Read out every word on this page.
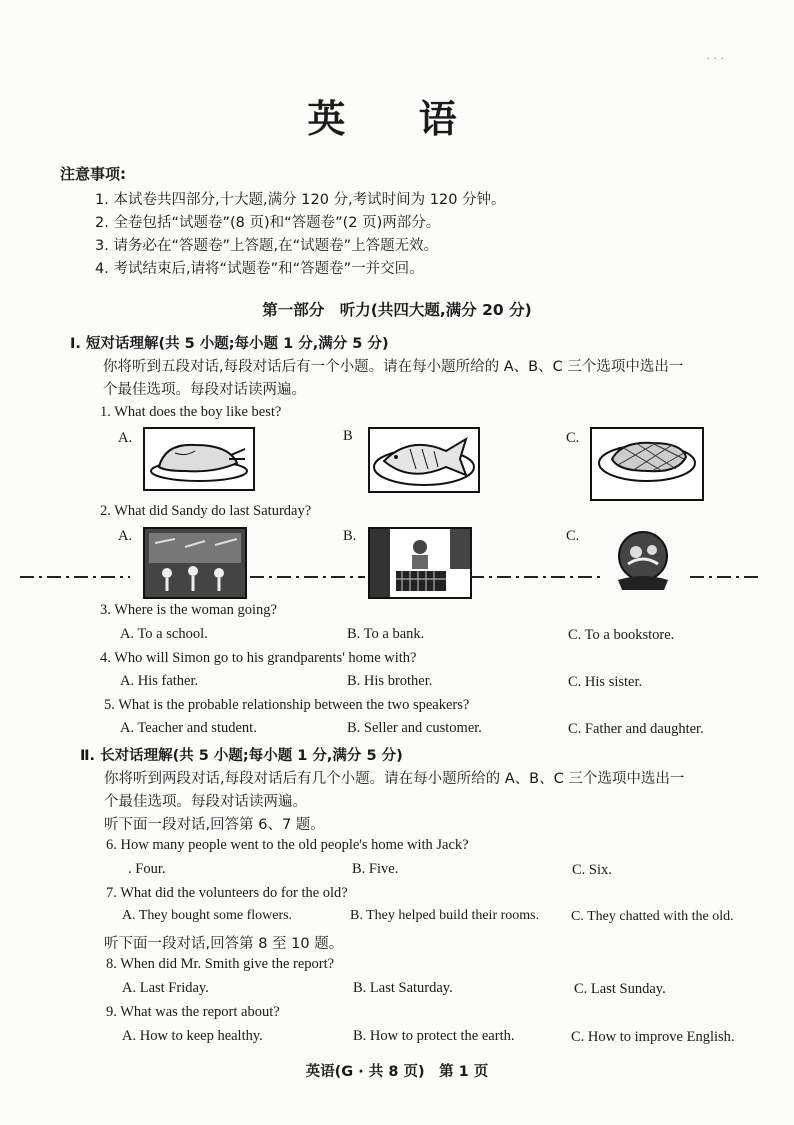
· · ·
英 语
注意事项:
1. 本试卷共四部分,十大题,满分 120 分,考试时间为 120 分钟。
2. 全卷包括“试题卷”(8 页)和“答题卷”(2 页)两部分。
3. 请务必在“答题卷”上答题,在“试题卷”上答题无效。
4. 考试结束后,请将“试题卷”和“答题卷”一并交回。
第一部分　听力(共四大题,满分 20 分)
Ⅰ. 短对话理解(共 5 小题;每小题 1 分,满分 5 分)
你将听到五段对话,每段对话后有一个小题。请在每小题所给的 A、B、C 三个选项中选出一
个最佳选项。每段对话读两遍。
1. What does the boy like best?
A.	B	C.
2. What did Sandy do last Saturday?
A.	B.	C.
3. Where is the woman going?
A. To a school.	B. To a bank.	C. To a bookstore.
4. Who will Simon go to his grandparents' home with?
A. His father.	B. His brother.	C. His sister.
5. What is the probable relationship between the two speakers?
A. Teacher and student.	B. Seller and customer.	C. Father and daughter.
Ⅱ. 长对话理解(共 5 小题;每小题 1 分,满分 5 分)
你将听到两段对话,每段对话后有几个小题。请在每小题所给的 A、B、C 三个选项中选出一
个最佳选项。每段对话读两遍。
听下面一段对话,回答第 6、7 题。
6. How many people went to the old people's home with Jack?
. Four.	B. Five.	C. Six.
7. What did the volunteers do for the old?
A. They bought some flowers.	B. They helped build their rooms. C. They chatted with the old.
听下面一段对话,回答第 8 至 10 题。
8. When did Mr. Smith give the report?
A. Last Friday.	B. Last Saturday.	C. Last Sunday.
9. What was the report about?
A. How to keep healthy.	B. How to protect the earth.	C. How to improve English.
英语(G · 共 8 页)　第 1 页
